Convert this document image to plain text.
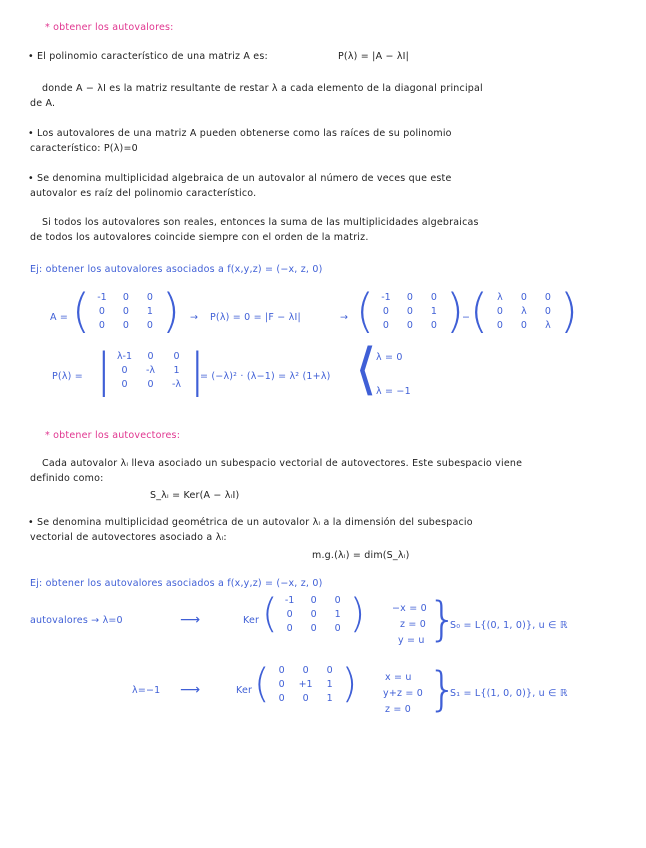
* obtener los autovalores:
• El polinomio característico de una matriz A es:	P(λ) = |A − λI|
donde A − λI es la matriz resultante de restar λ a cada elemento de la diagonal principal
de A.
• Los autovalores de una matriz A pueden obtenerse como las raíces de su polinomio
característico: P(λ)=0
• Se denomina multiplicidad algebraica de un autovalor al número de veces que este
autovalor es raíz del polinomio característico.
Si todos los autovalores son reales, entonces la suma de las multiplicidades algebraicas
de todos los autovalores coincide siempre con el orden de la matriz.
Ej: obtener los autovalores asociados a f(x,y,z) = (−x, z, 0)
A = ( -1	0	0
0	0	1
0	0	0 ) → P(λ) = 0 = |F − λI|	→ ( -1	0	0
0	0	1
0	0	0 )
− ( λ	0	0
0	λ	0
0	0	λ )
P(λ) = | λ-1	0	0
0	-λ	1
0	0	-λ |
= (−λ)² · (λ−1) = λ² (1+λ) ⟨ λ = 0
λ = −1
* obtener los autovectores:
Cada autovalor λᵢ lleva asociado un subespacio vectorial de autovectores. Este subespacio viene
definido como:
S_λᵢ = Ker(A − λᵢI)
• Se denomina multiplicidad geométrica de un autovalor λᵢ a la dimensión del subespacio
vectorial de autovectores asociado a λᵢ:
m.g.(λᵢ) = dim(S_λᵢ)
Ej: obtener los autovalores asociados a f(x,y,z) = (−x, z, 0)
autovalores → λ=0	⟶	Ker ( -1	0	0
0	0	1
0	0	0 )	−x = 0
z = 0
y = u }
S₀ = L{(0, 1, 0)}, u ∈ ℝ
λ=−1 ⟶	Ker ( 0	0	0
0	+1	1
0	0	1 )	x = u
y+z = 0
z = 0 }
S₁ = L{(1, 0, 0)}, u ∈ ℝ
